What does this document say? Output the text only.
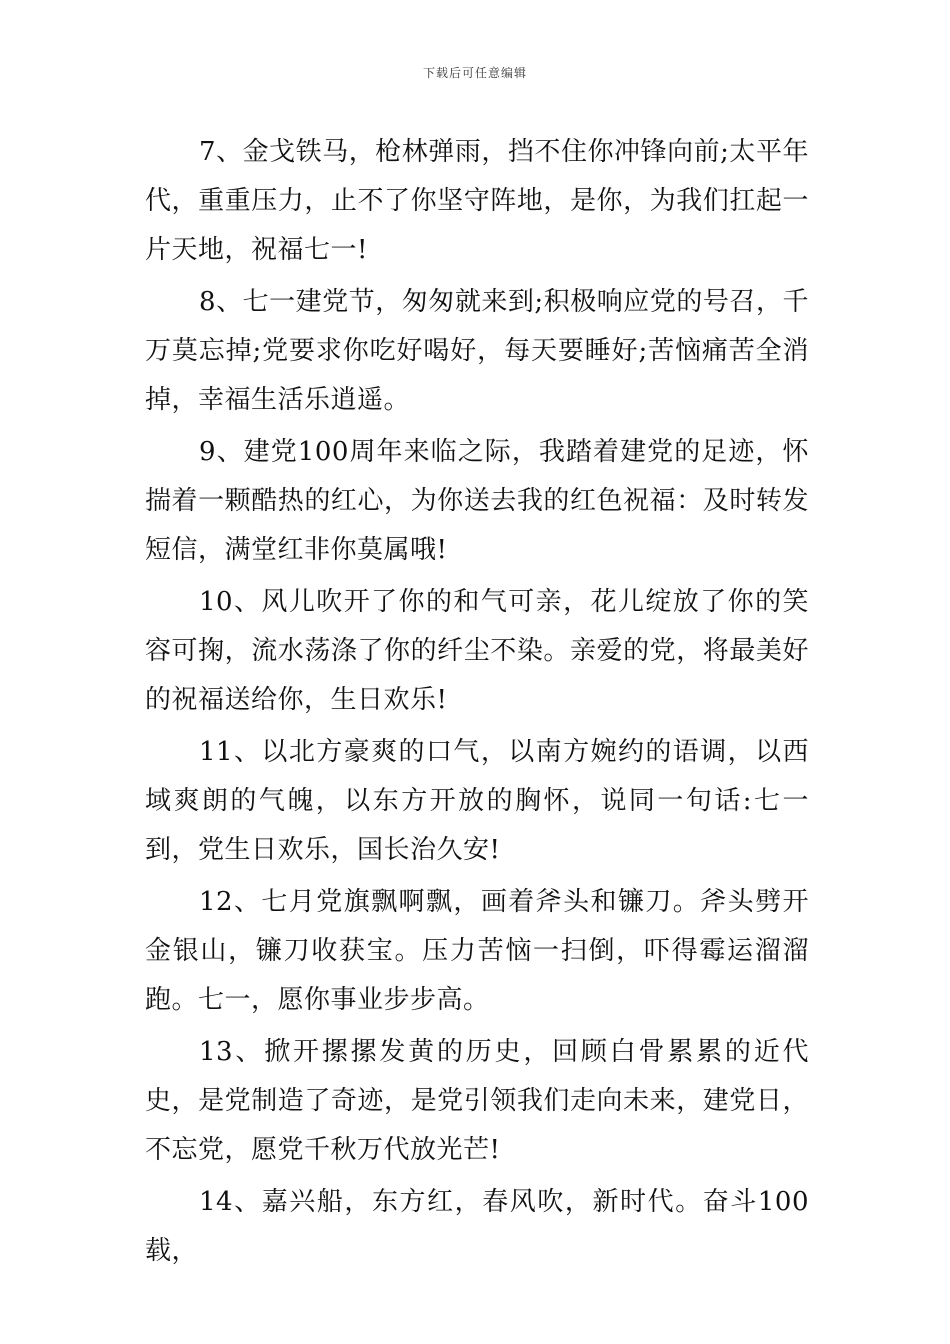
下载后可任意编辑

7、金戈铁马，枪林弹雨，挡不住你冲锋向前;太平年代，重重压力，止不了你坚守阵地，是你，为我们扛起一片天地，祝福七一!

8、七一建党节，匆匆就来到;积极响应党的号召，千万莫忘掉;党要求你吃好喝好，每天要睡好;苦恼痛苦全消掉，幸福生活乐逍遥。

9、建党100周年来临之际，我踏着建党的足迹，怀揣着一颗酷热的红心，为你送去我的红色祝福：及时转发短信，满堂红非你莫属哦!

10、风儿吹开了你的和气可亲，花儿绽放了你的笑容可掬，流水荡涤了你的纤尘不染。亲爱的党，将最美好的祝福送给你，生日欢乐!

11、以北方豪爽的口气，以南方婉约的语调，以西域爽朗的气魄，以东方开放的胸怀，说同一句话:七一到，党生日欢乐，国长治久安!

12、七月党旗飘啊飘，画着斧头和镰刀。斧头劈开金银山，镰刀收获宝。压力苦恼一扫倒，吓得霉运溜溜跑。七一，愿你事业步步高。

13、掀开摞摞发黄的历史，回顾白骨累累的近代史，是党制造了奇迹，是党引领我们走向未来，建党日，不忘党，愿党千秋万代放光芒!

14、嘉兴船，东方红，春风吹，新时代。奋斗100载，
